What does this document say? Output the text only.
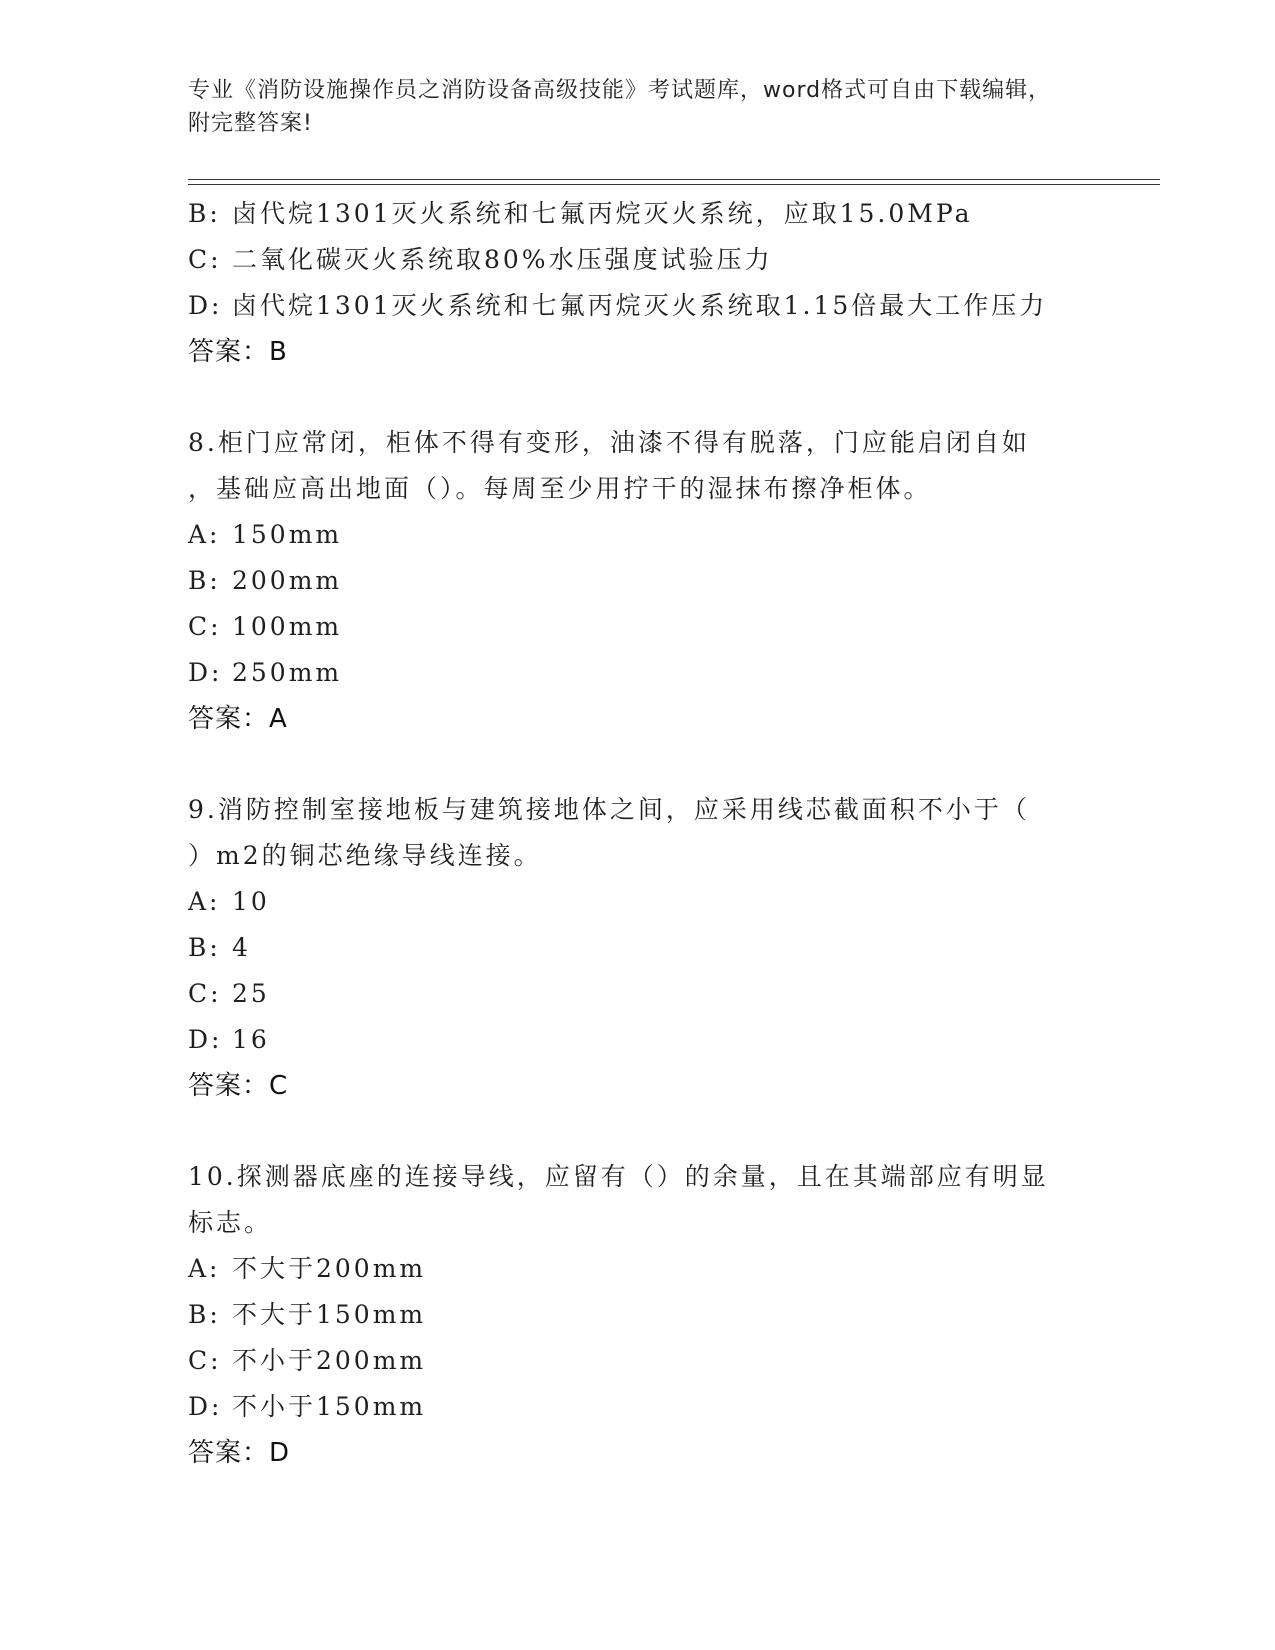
专业《消防设施操作员之消防设备高级技能》考试题库，word格式可自由下载编辑，附完整答案!
B: 卤代烷1301灭火系统和七氟丙烷灭火系统，应取15.0MPa
C: 二氧化碳灭火系统取80%水压强度试验压力
D: 卤代烷1301灭火系统和七氟丙烷灭火系统取1.15倍最大工作压力
答案：B
8.柜门应常闭，柜体不得有变形，油漆不得有脱落，门应能启闭自如
，基础应高出地面（）。每周至少用拧干的湿抹布擦净柜体。
A: 150mm
B: 200mm
C: 100mm
D: 250mm
答案：A
9.消防控制室接地板与建筑接地体之间，应采用线芯截面积不小于（
）m2的铜芯绝缘导线连接。
A: 10
B: 4
C: 25
D: 16
答案：C
10.探测器底座的连接导线，应留有（）的余量，且在其端部应有明显
标志。
A: 不大于200mm
B: 不大于150mm
C: 不小于200mm
D: 不小于150mm
答案：D
